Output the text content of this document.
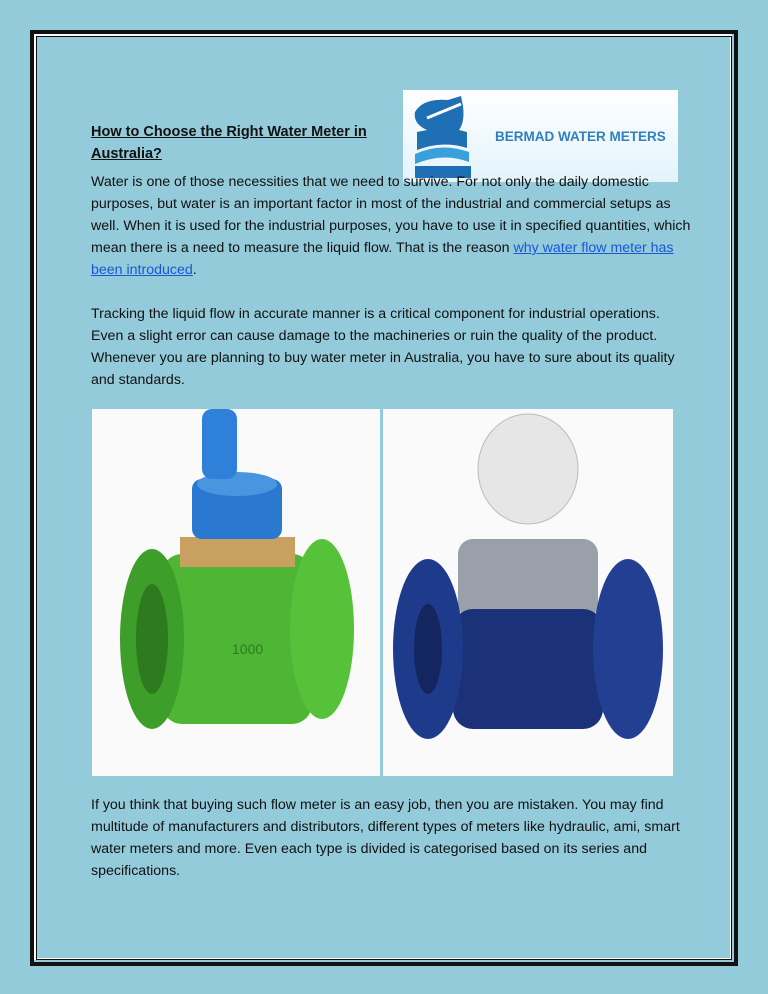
BERMAD WATER METERS
How to Choose the Right Water Meter in Australia?

Water is one of those necessities that we need to survive. For not only the daily domestic purposes, but water is an important factor in most of the industrial and commercial setups as well. When it is used for the industrial purposes, you have to use it in specified quantities, which mean there is a need to measure the liquid flow. That is the reason why water flow meter has been introduced.

Tracking the liquid flow in accurate manner is a critical component for industrial operations. Even a slight error can cause damage to the machineries or ruin the quality of the product. Whenever you are planning to buy water meter in Australia, you have to sure about its quality and standards.

1000

If you think that buying such flow meter is an easy job, then you are mistaken. You may find multitude of manufacturers and distributors, different types of meters like hydraulic, ami, smart water meters and more. Even each type is divided is categorised based on its series and specifications.
